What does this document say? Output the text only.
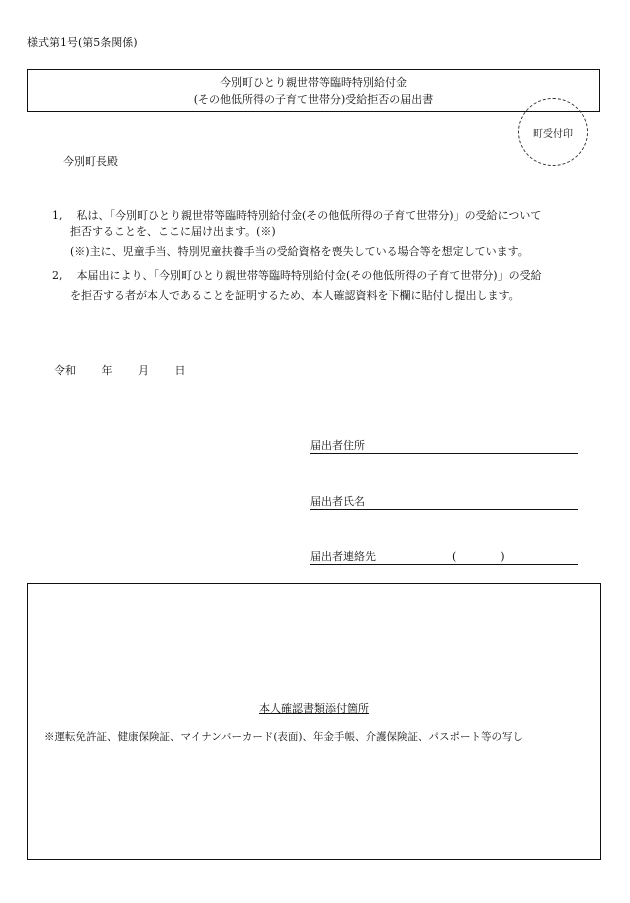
様式第1号(第5条関係)
今別町ひとり親世帯等臨時特別給付金
(その他低所得の子育て世帯分)受給拒否の届出書
町受付印
今別町長殿
1, 私は、「今別町ひとり親世帯等臨時特別給付金(その他低所得の子育て世帯分)」の受給について
拒否することを、ここに届け出ます。(※)
(※)主に、児童手当、特別児童扶養手当の受給資格を喪失している場合等を想定しています。
2, 本届出により、「今別町ひとり親世帯等臨時特別給付金(その他低所得の子育て世帯分)」の受給
を拒否する者が本人であることを証明するため、本人確認資料を下欄に貼付し提出します。
令和 年 月 日
届出者住所
届出者氏名
届出者連絡先	(　　　　)
本人確認書類添付箇所
※運転免許証、健康保険証、マイナンバーカード(表面)、年金手帳、介護保険証、パスポート等の写し
